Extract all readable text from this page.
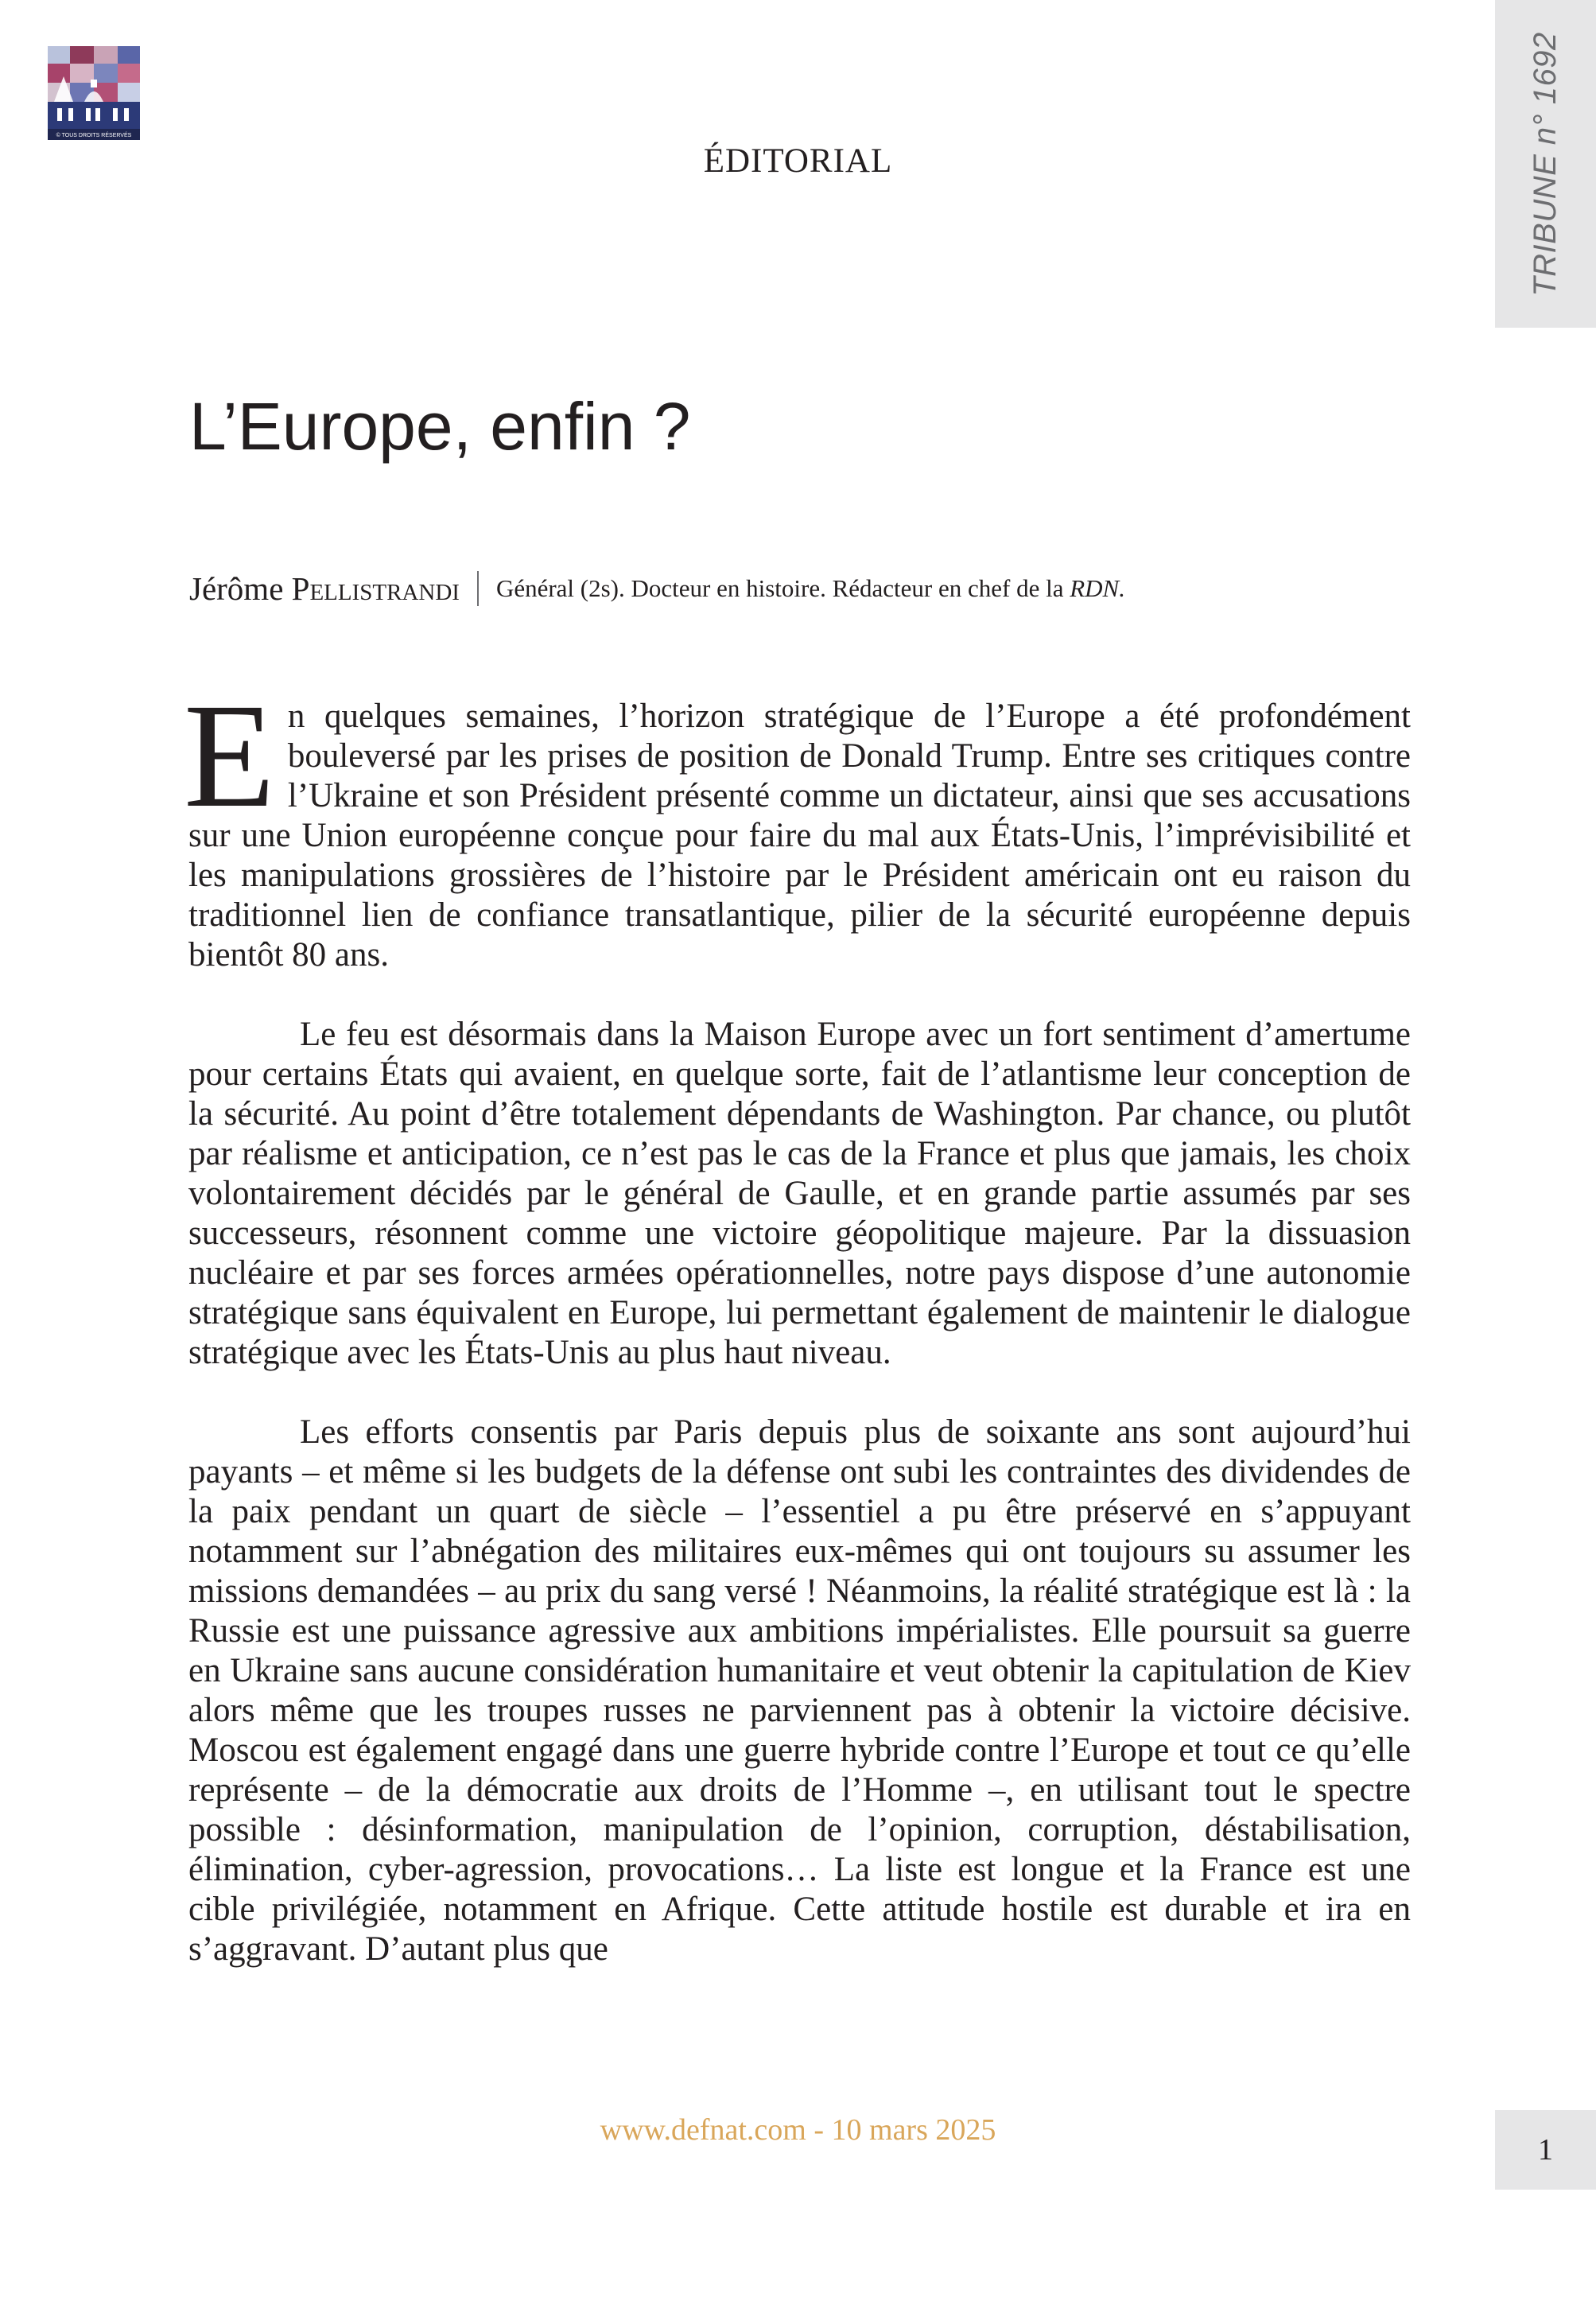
© TOUS DROITS RÉSERVÉS	TRIBUNE n° 1692
ÉDITORIAL
L’Europe, enfin ?
Jérôme Pellistrandi Général (2s). Docteur en histoire. Rédacteur en chef de la RDN.

En quelques semaines, l’horizon stratégique de l’Europe a été profondément bouleversé par les prises de position de Donald Trump. Entre ses critiques contre l’Ukraine et son Président présenté comme un dictateur, ainsi que ses accusations sur une Union européenne conçue pour faire du mal aux États-Unis, l’imprévisibilité et les manipulations grossières de l’histoire par le Président américain ont eu raison du traditionnel lien de confiance transatlantique, pilier de la sécurité européenne depuis bientôt 80 ans.

Le feu est désormais dans la Maison Europe avec un fort sentiment d’amertume pour certains États qui avaient, en quelque sorte, fait de l’atlantisme leur conception de la sécurité. Au point d’être totalement dépendants de Washington. Par chance, ou plutôt par réalisme et anticipation, ce n’est pas le cas de la France et plus que jamais, les choix volontairement décidés par le général de Gaulle, et en grande partie assumés par ses successeurs, résonnent comme une victoire géopolitique majeure. Par la dissuasion nucléaire et par ses forces armées opérationnelles, notre pays dispose d’une autonomie stratégique sans équivalent en Europe, lui permettant également de maintenir le dialogue stratégique avec les États-Unis au plus haut niveau.

Les efforts consentis par Paris depuis plus de soixante ans sont aujourd’hui payants – et même si les budgets de la défense ont subi les contraintes des dividendes de la paix pendant un quart de siècle – l’essentiel a pu être préservé en s’appuyant notamment sur l’abnégation des militaires eux-mêmes qui ont toujours su assumer les missions demandées – au prix du sang versé ! Néanmoins, la réalité stratégique est là : la Russie est une puissance agressive aux ambitions impérialistes. Elle poursuit sa guerre en Ukraine sans aucune considération humanitaire et veut obtenir la capitulation de Kiev alors même que les troupes russes ne parviennent pas à obtenir la victoire décisive. Moscou est également engagé dans une guerre hybride contre l’Europe et tout ce qu’elle représente – de la démocratie aux droits de l’Homme –, en utilisant tout le spectre possible : désinformation, manipulation de l’opinion, corruption, déstabilisation, élimination, cyber-agression, provocations… La liste est longue et la France est une cible privilégiée, notamment en Afrique. Cette attitude hostile est durable et ira en s’aggravant. D’autant plus que

www.defnat.com - 10 mars 2025
1
